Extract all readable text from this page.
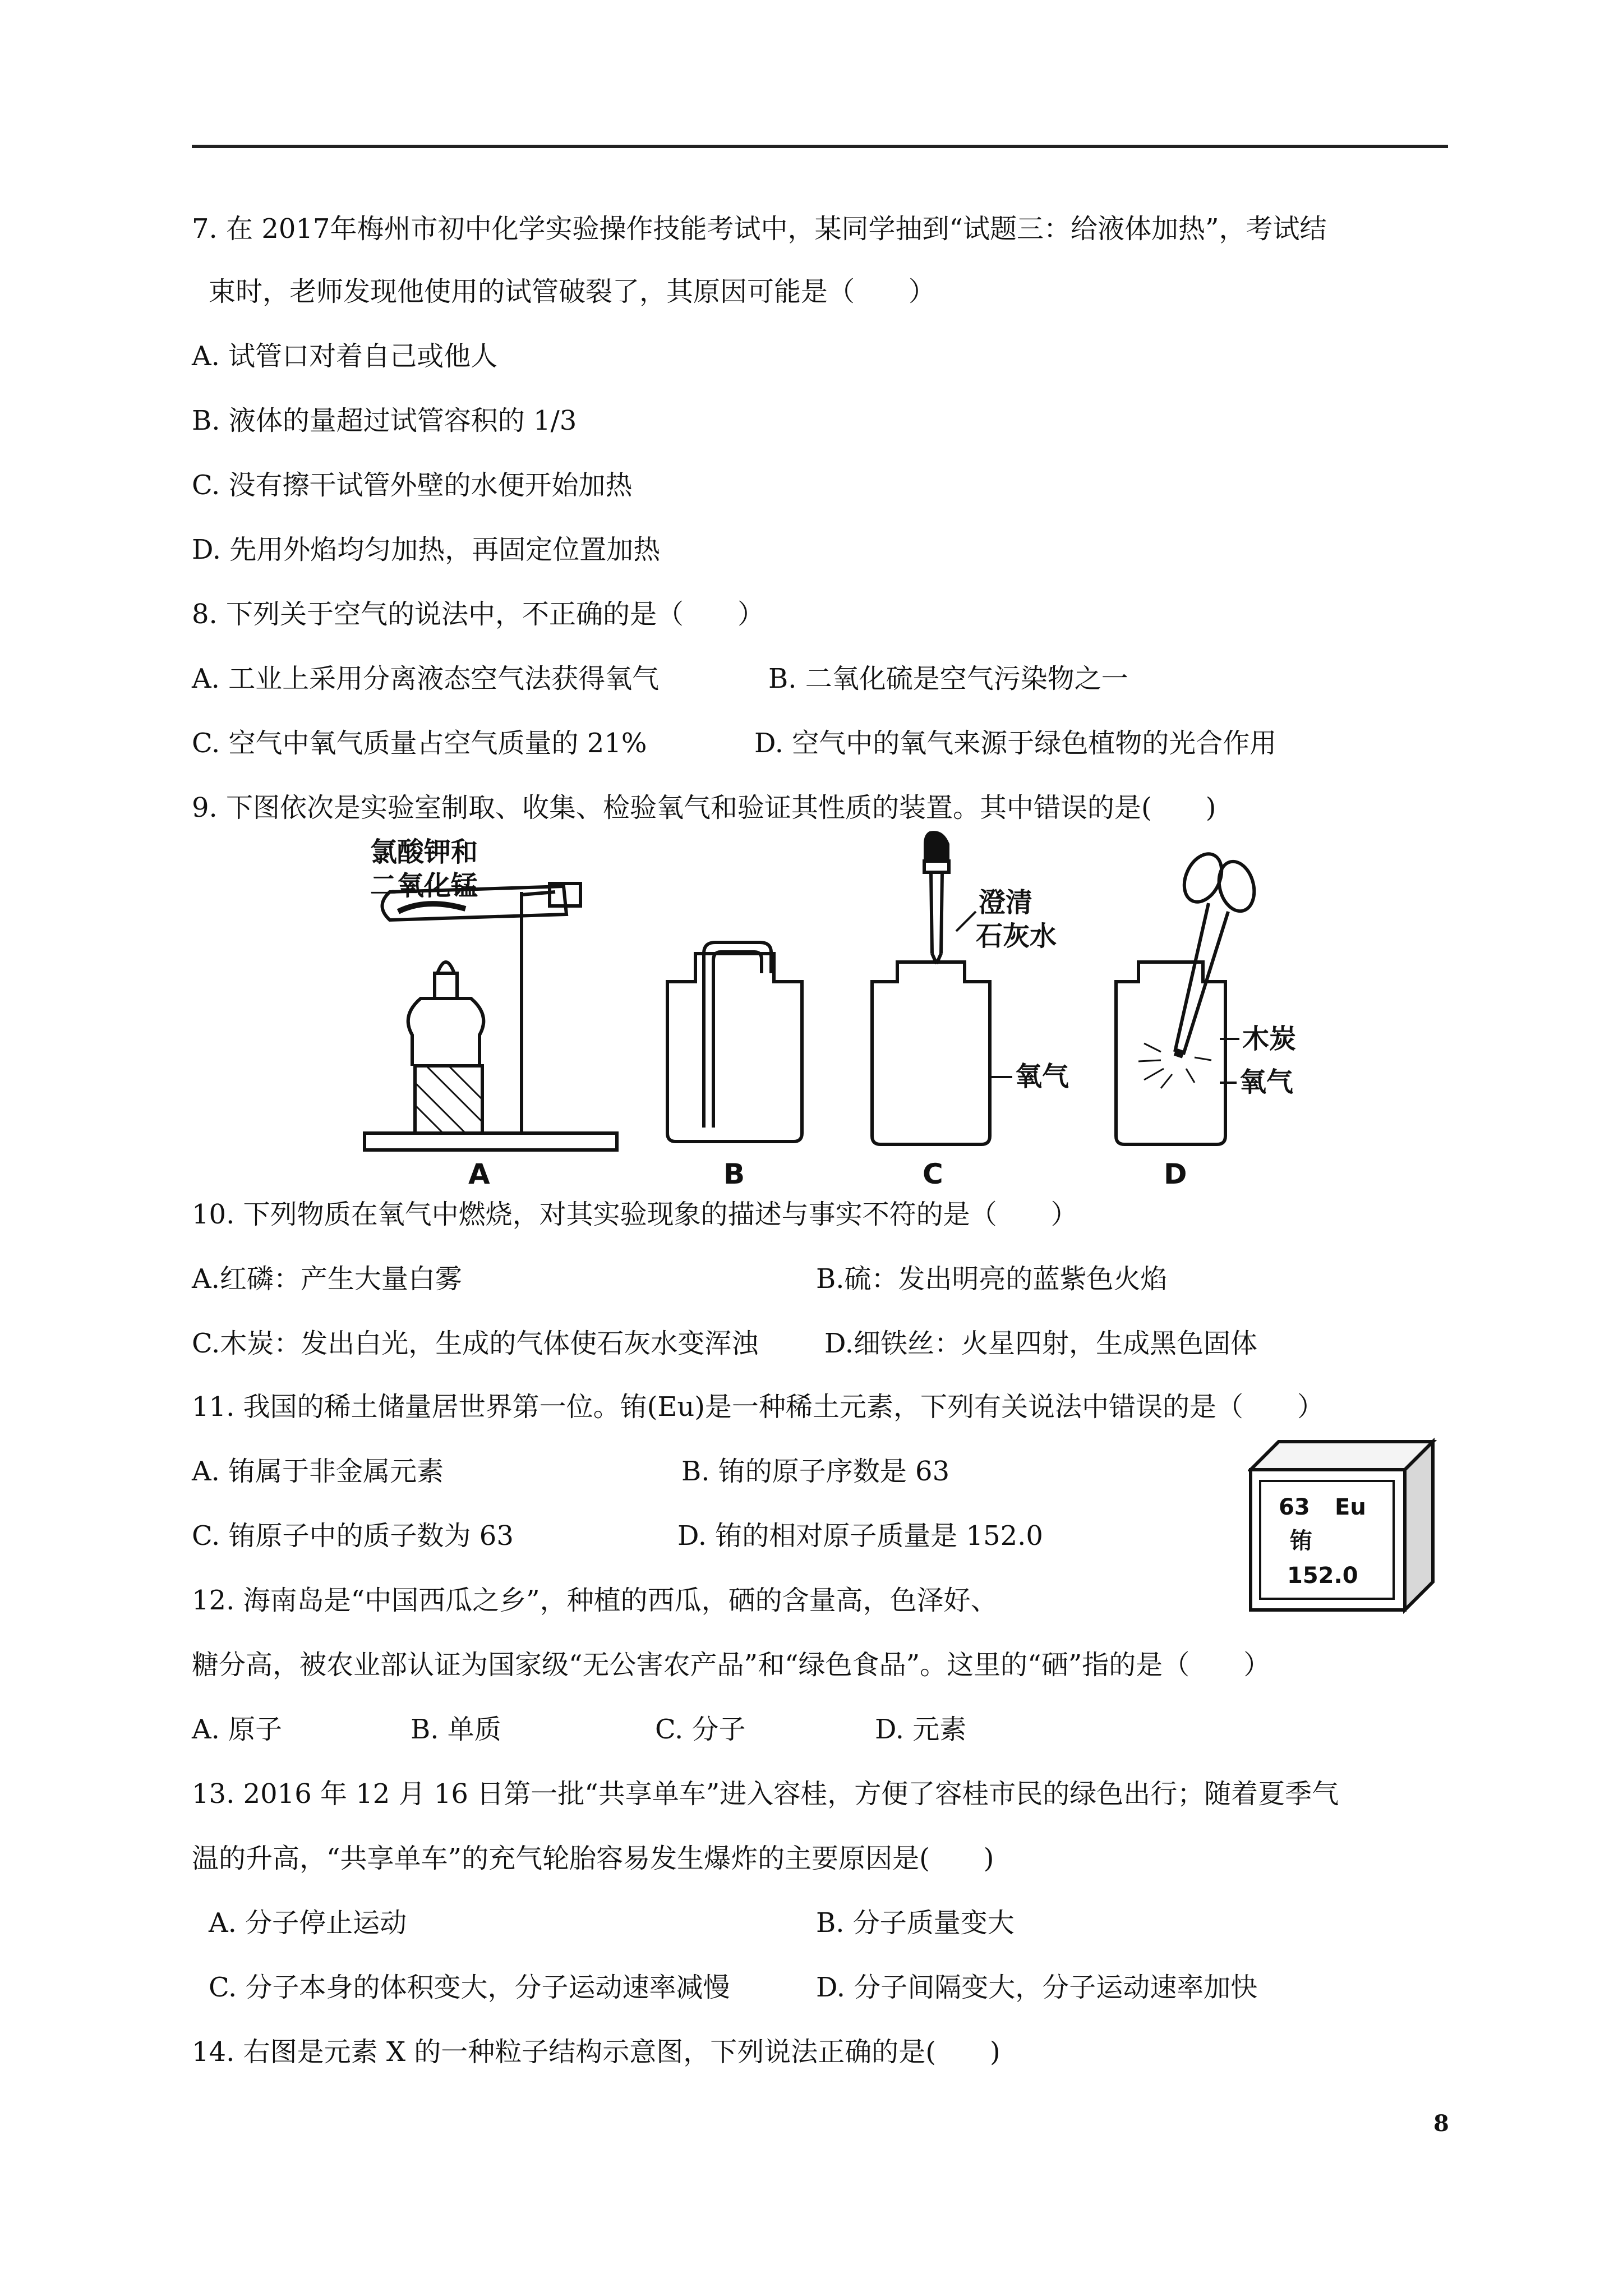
7. 在 2017年梅州市初中化学实验操作技能考试中，某同学抽到“试题三：给液体加热”，考试结
束时，老师发现他使用的试管破裂了，其原因可能是（　　）
A. 试管口对着自己或他人
B. 液体的量超过试管容积的 1/3
C. 没有擦干试管外壁的水便开始加热
D. 先用外焰均匀加热，再固定位置加热
8. 下列关于空气的说法中，不正确的是（　　）
A. 工业上采用分离液态空气法获得氧气	B. 二氧化硫是空气污染物之一
C. 空气中氧气质量占空气质量的 21%	D. 空气中的氧气来源于绿色植物的光合作用
9. 下图依次是实验室制取、收集、检验氧气和验证其性质的装置。其中错误的是(　　)
氯酸钾和
二氧化锰
澄清
石灰水
氧气
木炭
氧气
A	B	C	D
10. 下列物质在氧气中燃烧，对其实验现象的描述与事实不符的是（　　）
A.红磷：产生大量白雾	B.硫：发出明亮的蓝紫色火焰
C.木炭：发出白光，生成的气体使石灰水变浑浊 D.细铁丝：火星四射，生成黑色固体
11. 我国的稀土储量居世界第一位。铕(Eu)是一种稀土元素，下列有关说法中错误的是（　　）
A. 铕属于非金属元素	B. 铕的原子序数是 63
C. 铕原子中的质子数为 63	D. 铕的相对原子质量是 152.0
63 Eu
铕
152.0
12. 海南岛是“中国西瓜之乡”，种植的西瓜，硒的含量高，色泽好、
糖分高，被农业部认证为国家级“无公害农产品”和“绿色食品”。这里的“硒”指的是（　　）
A. 原子	B. 单质	C. 分子	D. 元素
13. 2016 年 12 月 16 日第一批“共享单车”进入容桂，方便了容桂市民的绿色出行；随着夏季气
温的升高，“共享单车”的充气轮胎容易发生爆炸的主要原因是(　　)
A. 分子停止运动	B. 分子质量变大
C. 分子本身的体积变大，分子运动速率减慢	D. 分子间隔变大，分子运动速率加快
14. 右图是元素 X 的一种粒子结构示意图，下列说法正确的是(　　)
8
